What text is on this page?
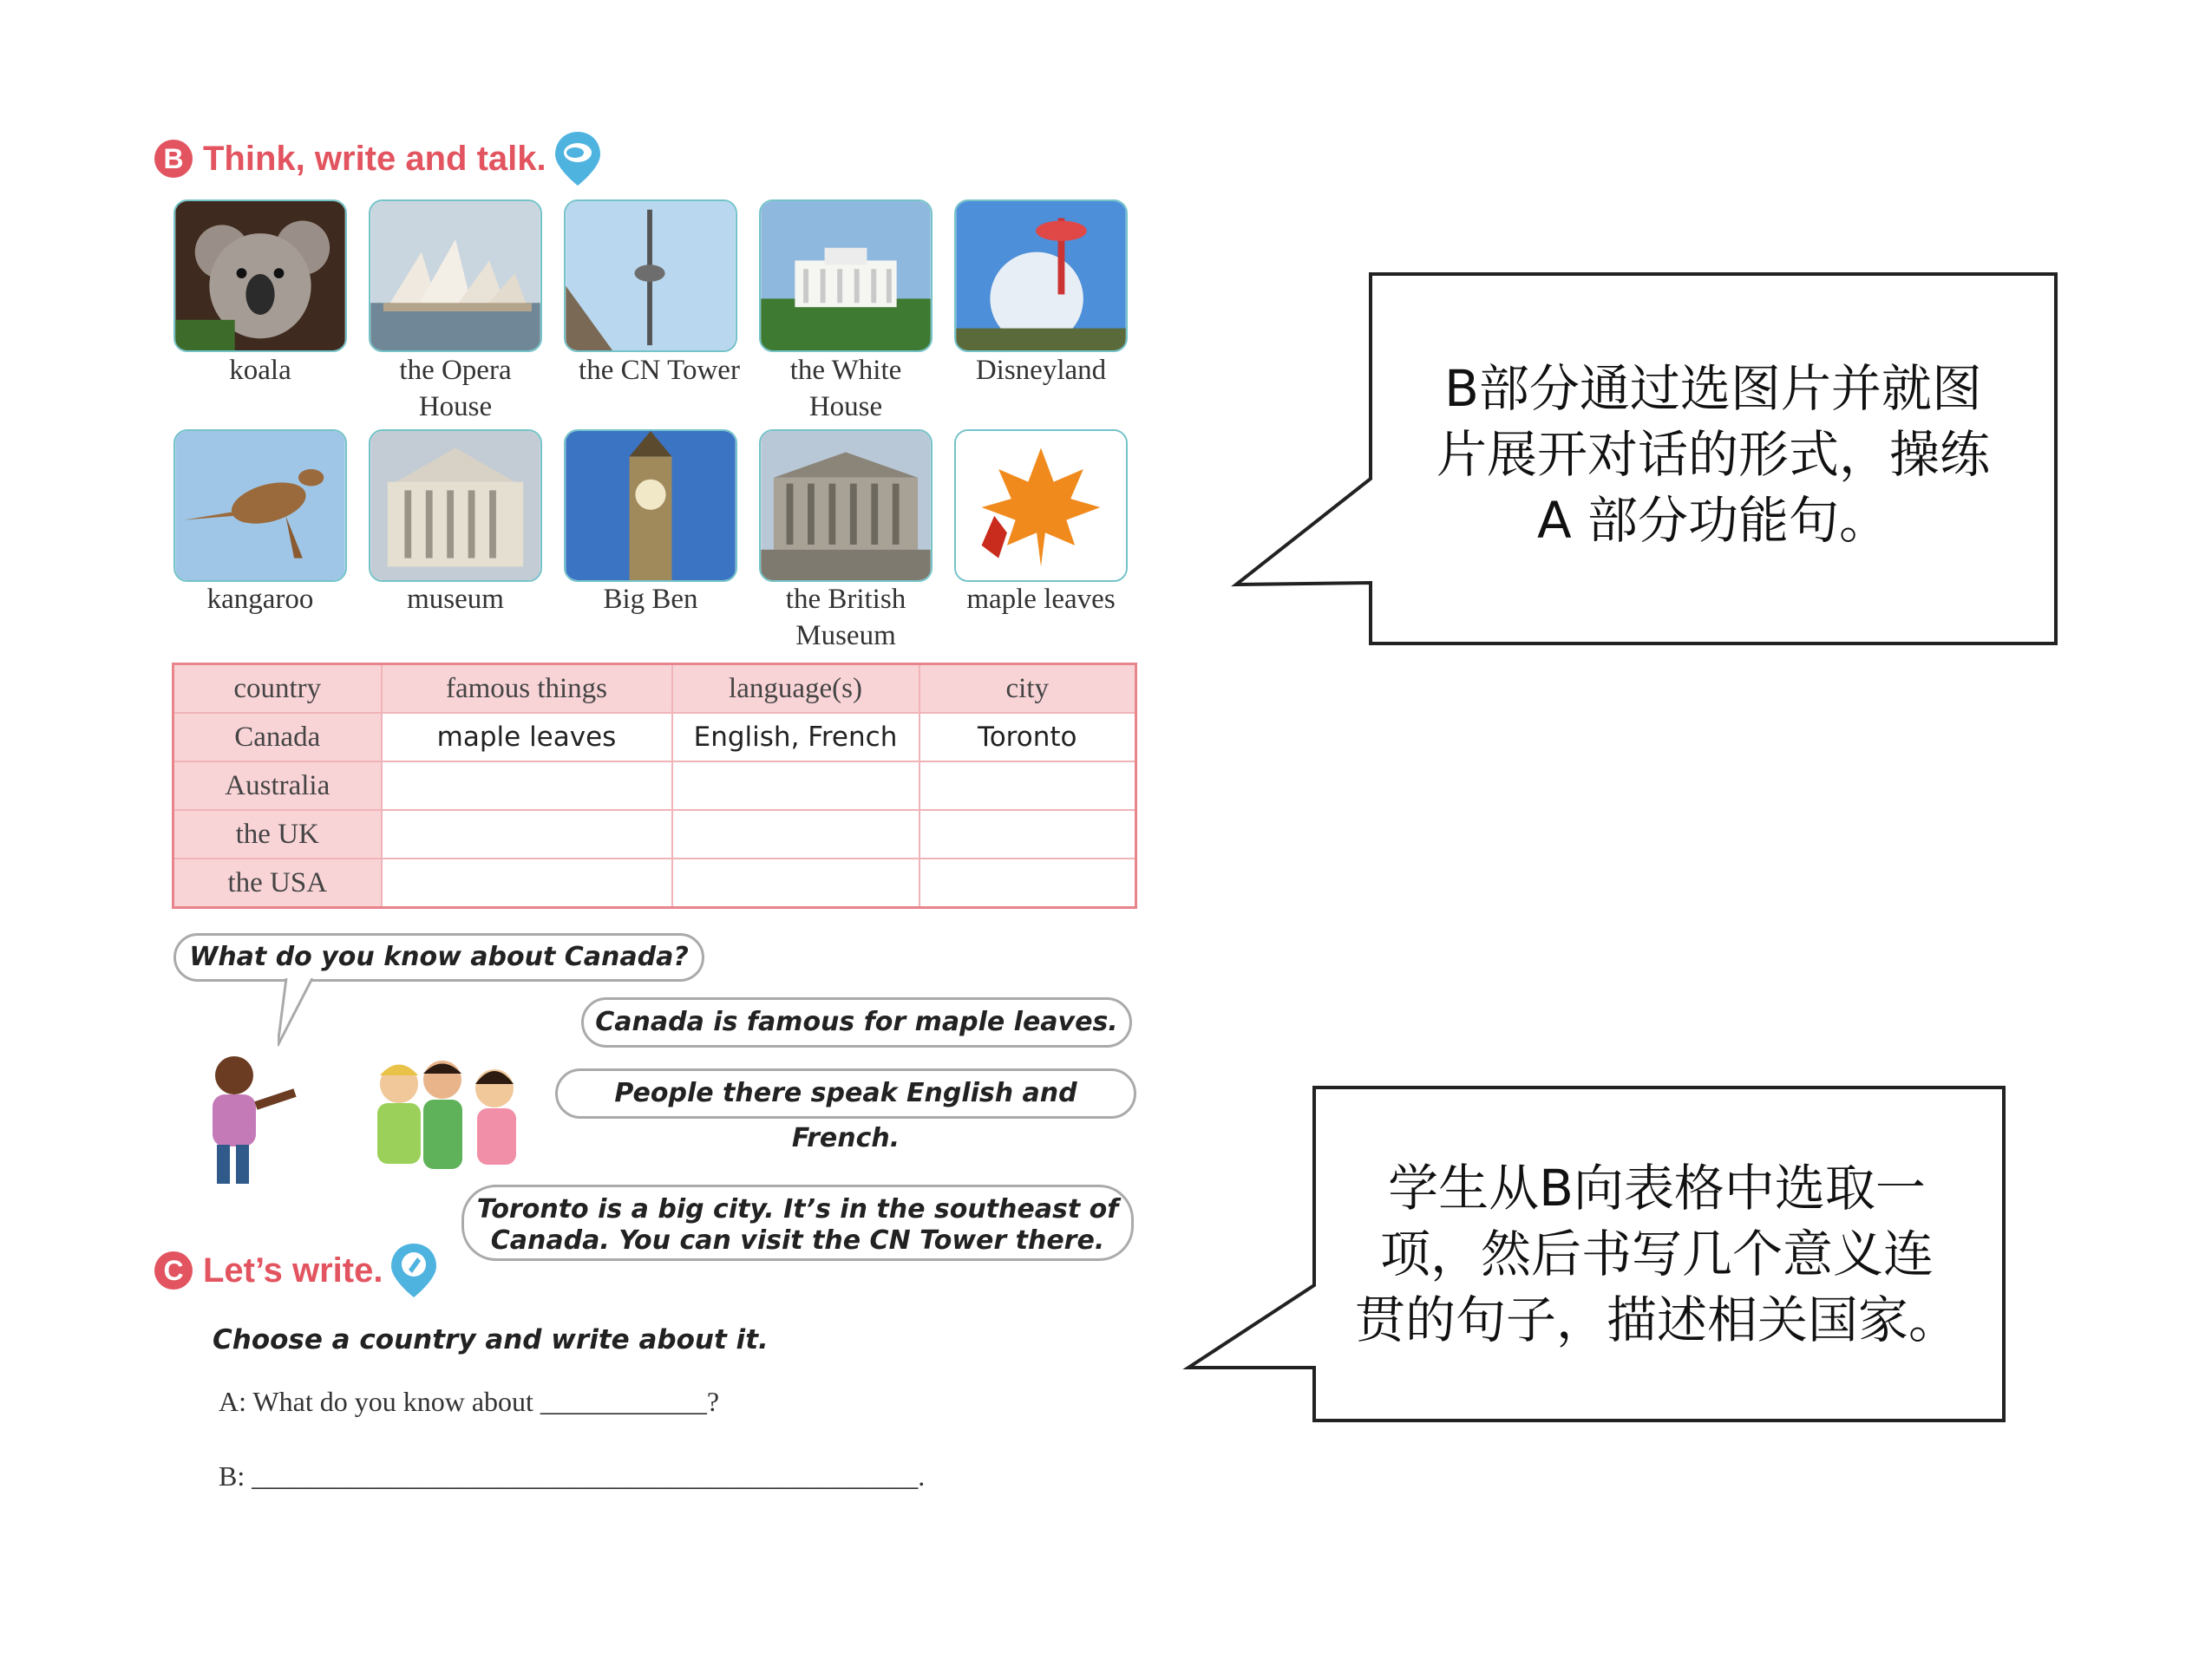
B Think, write and talk.
koala	the Opera
House
the CN Tower	the White
House
Disneyland
kangaroo	museum	Big Ben	the British
Museum
maple leaves
country	famous things	language(s)	city
Canada	maple leaves	English, French	Toronto
Australia			
the UK			
the USA			
What do you know about Canada?
Canada is famous for maple leaves.
People there speak English and French.
Toronto is a big city. It’s in the southeast of
Canada. You can visit the CN Tower there.
C Let’s write.
Choose a country and write about it.
A: What do you know about ____________?
B: ________________________________________________.
B部分通过选图片并就图
片展开对话的形式，操练
A 部分功能句。
学生从B向表格中选取一
项，然后书写几个意义连
贯的句子，描述相关国家。
